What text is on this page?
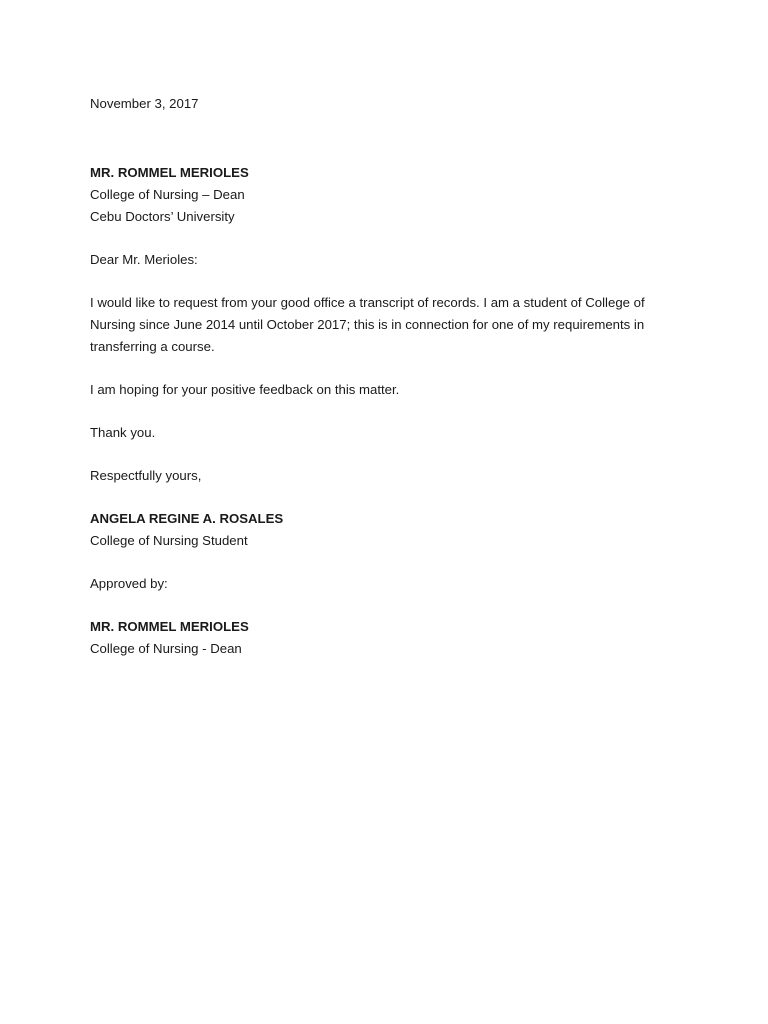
November 3, 2017
MR. ROMMEL MERIOLES
College of Nursing – Dean
Cebu Doctors’ University
Dear Mr. Merioles:
I would like to request from your good office a transcript of records. I am a student of College of
Nursing since June 2014 until October 2017; this is in connection for one of my requirements in
transferring a course.
I am hoping for your positive feedback on this matter.
Thank you.
Respectfully yours,
ANGELA REGINE A. ROSALES
College of Nursing Student
Approved by:
MR. ROMMEL MERIOLES
College of Nursing - Dean
